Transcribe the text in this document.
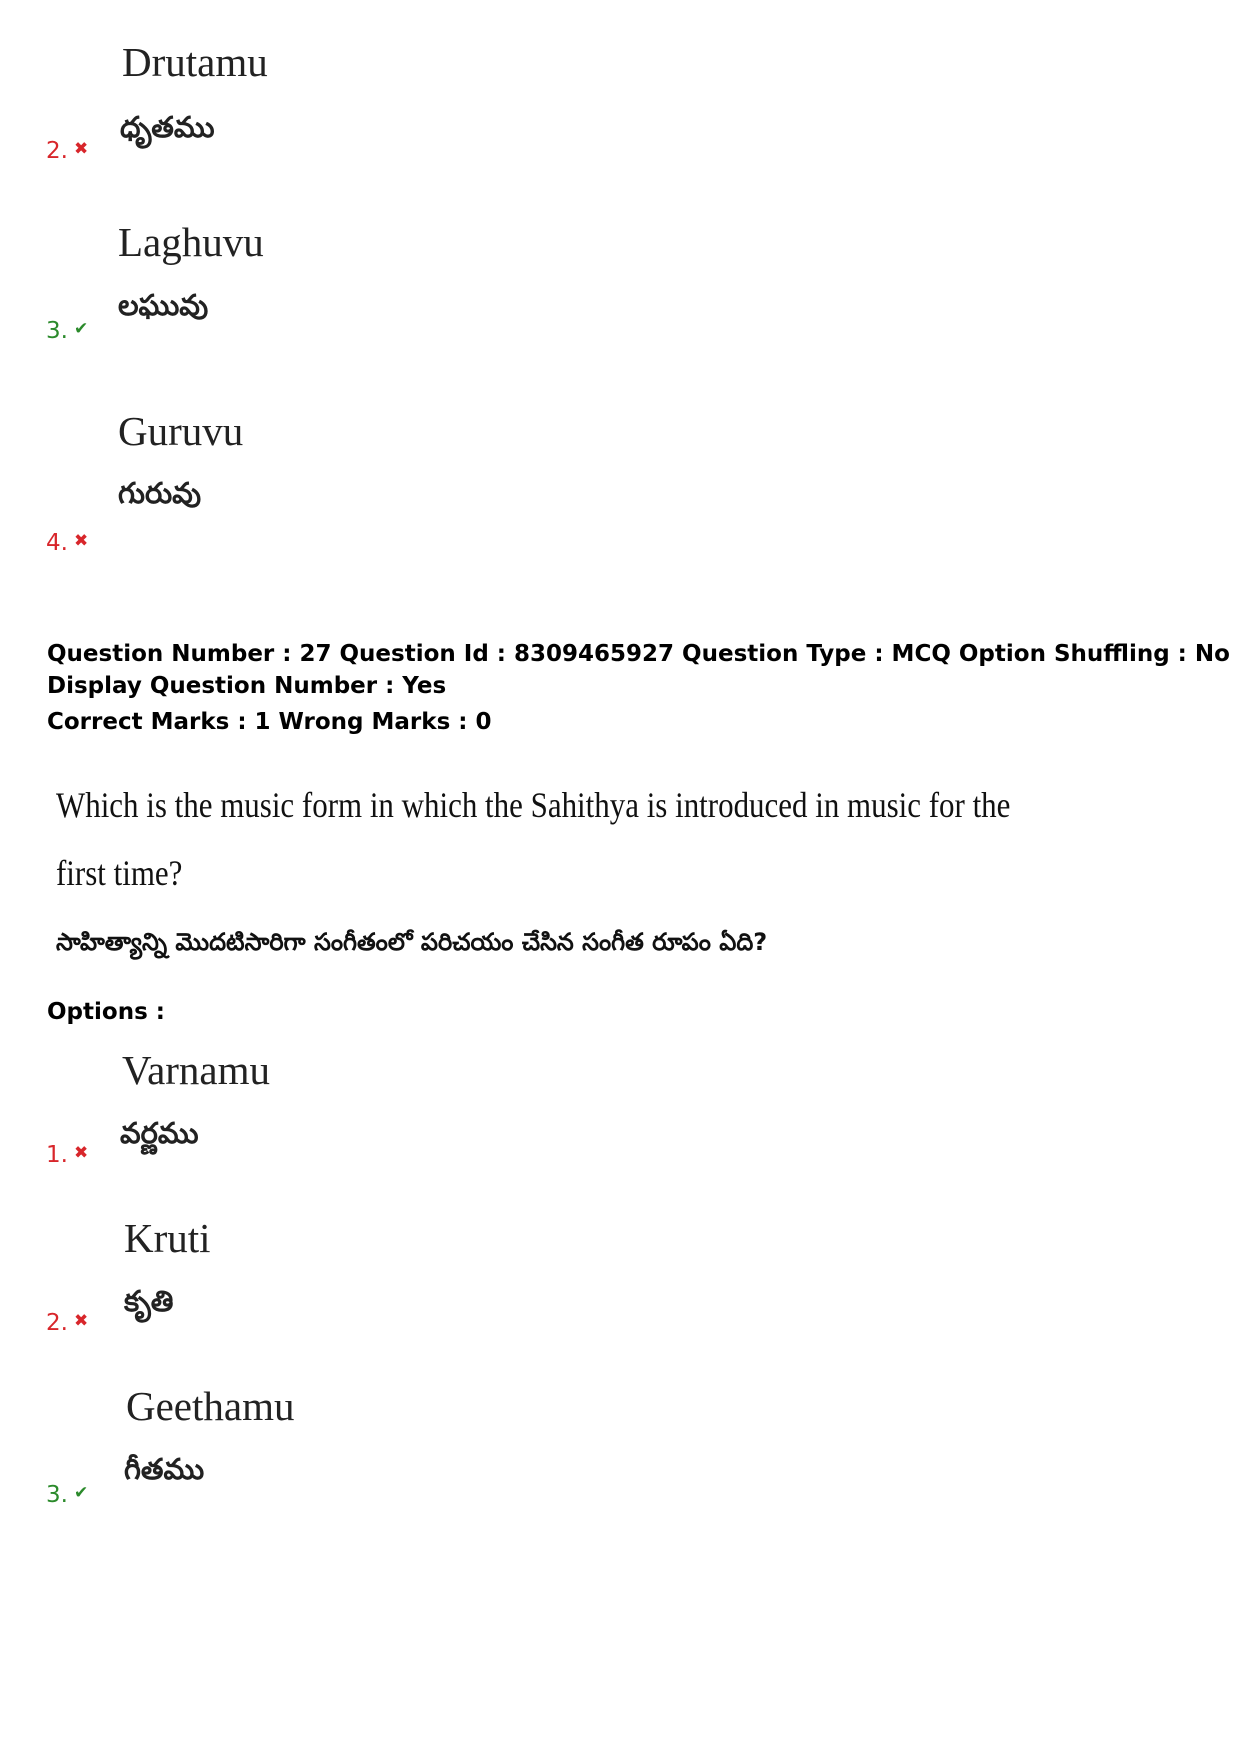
Drutamu
ధృతము
2. ✖
Laghuvu
లఘువు
3. ✔
Guruvu
గురువు
4. ✖
Question Number : 27 Question Id : 8309465927 Question Type : MCQ Option Shuffling : No
Display Question Number : Yes
Correct Marks : 1 Wrong Marks : 0
Which is the music form in which the Sahithya is introduced in music for the
first time?
సాహిత్యాన్ని మొదటిసారిగా సంగీతంలో పరిచయం చేసిన సంగీత రూపం ఏది?
Options :
Varnamu
వర్ణము
1. ✖
Kruti
కృతి
2. ✖
Geethamu
గీతము
3. ✔
